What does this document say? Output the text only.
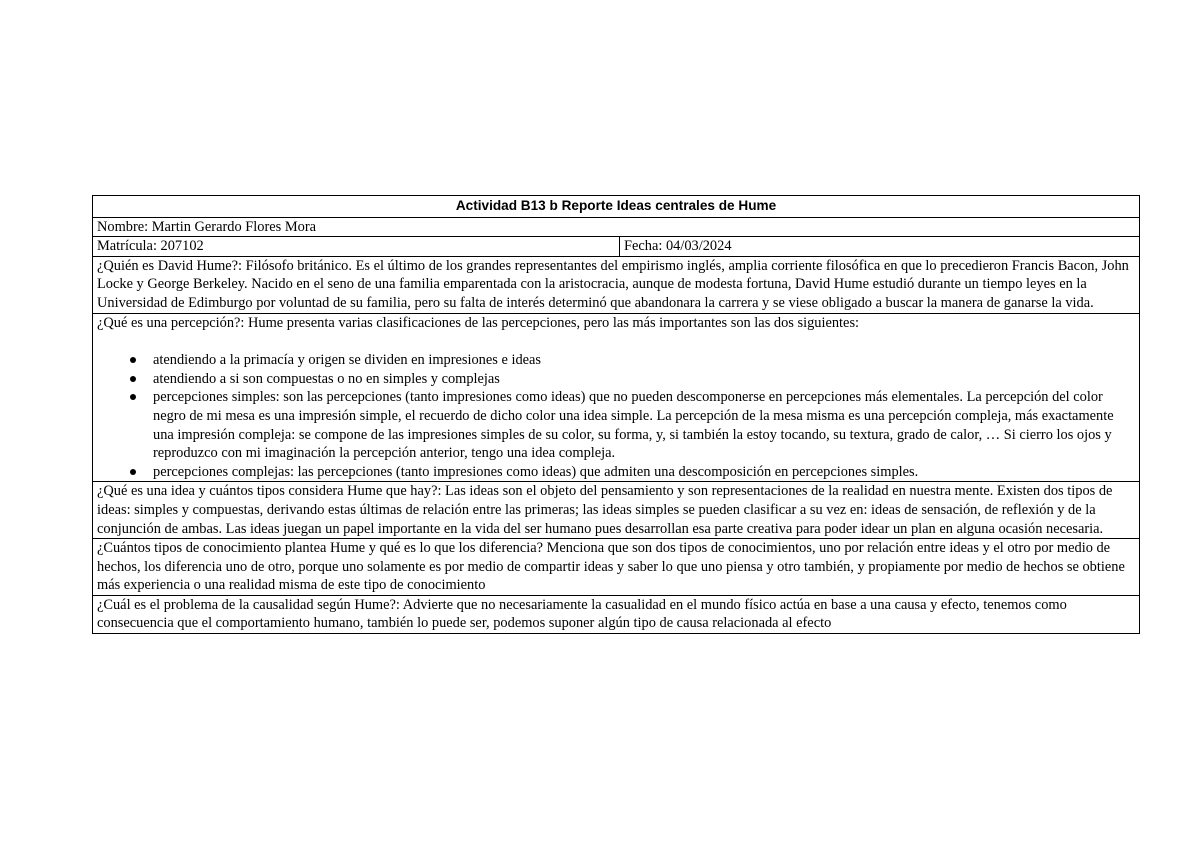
Actividad B13 b Reporte Ideas centrales de Hume
Nombre: Martin Gerardo Flores Mora
Matrícula: 207102	Fecha: 04/03/2024
¿Quién es David Hume?: Filósofo británico. Es el último de los grandes representantes del empirismo inglés, amplia corriente filosófica en que lo precedieron Francis Bacon, John Locke y George Berkeley. Nacido en el seno de una familia emparentada con la aristocracia, aunque de modesta fortuna, David Hume estudió durante un tiempo leyes en la Universidad de Edimburgo por voluntad de su familia, pero su falta de interés determinó que abandonara la carrera y se viese obligado a buscar la manera de ganarse la vida.

¿Qué es una percepción?: Hume presenta varias clasificaciones de las percepciones, pero las más importantes son las dos siguientes:
atendiendo a la primacía y origen se dividen en impresiones e ideas
atendiendo a si son compuestas o no en simples y complejas
percepciones simples: son las percepciones (tanto impresiones como ideas) que no pueden descomponerse en percepciones más elementales. La percepción del color negro de mi mesa es una impresión simple, el recuerdo de dicho color una idea simple. La percepción de la mesa misma es una percepción compleja, más exactamente una impresión compleja: se compone de las impresiones simples de su color, su forma, y, si también la estoy tocando, su textura, grado de calor, … Si cierro los ojos y reproduzco con mi imaginación la percepción anterior, tengo una idea compleja.
percepciones complejas: las percepciones (tanto impresiones como ideas) que admiten una descomposición en percepciones simples.

¿Qué es una idea y cuántos tipos considera Hume que hay?: Las ideas son el objeto del pensamiento y son representaciones de la realidad en nuestra mente. Existen dos tipos de ideas: simples y compuestas, derivando estas últimas de relación entre las primeras; las ideas simples se pueden clasificar a su vez en: ideas de sensación, de reflexión y de la conjunción de ambas. Las ideas juegan un papel importante en la vida del ser humano pues desarrollan esa parte creativa para poder idear un plan en alguna ocasión necesaria.
¿Cuántos tipos de conocimiento plantea Hume y qué es lo que los diferencia? Menciona que son dos tipos de conocimientos, uno por relación entre ideas y el otro por medio de hechos, los diferencia uno de otro, porque uno solamente es por medio de compartir ideas y saber lo que uno piensa y otro también, y propiamente por medio de hechos se obtiene más experiencia o una realidad misma de este tipo de conocimiento
¿Cuál es el problema de la causalidad según Hume?: Advierte que no necesariamente la casualidad en el mundo físico actúa en base a una causa y efecto, tenemos como consecuencia que el comportamiento humano, también lo puede ser, podemos suponer algún tipo de causa relacionada al efecto
